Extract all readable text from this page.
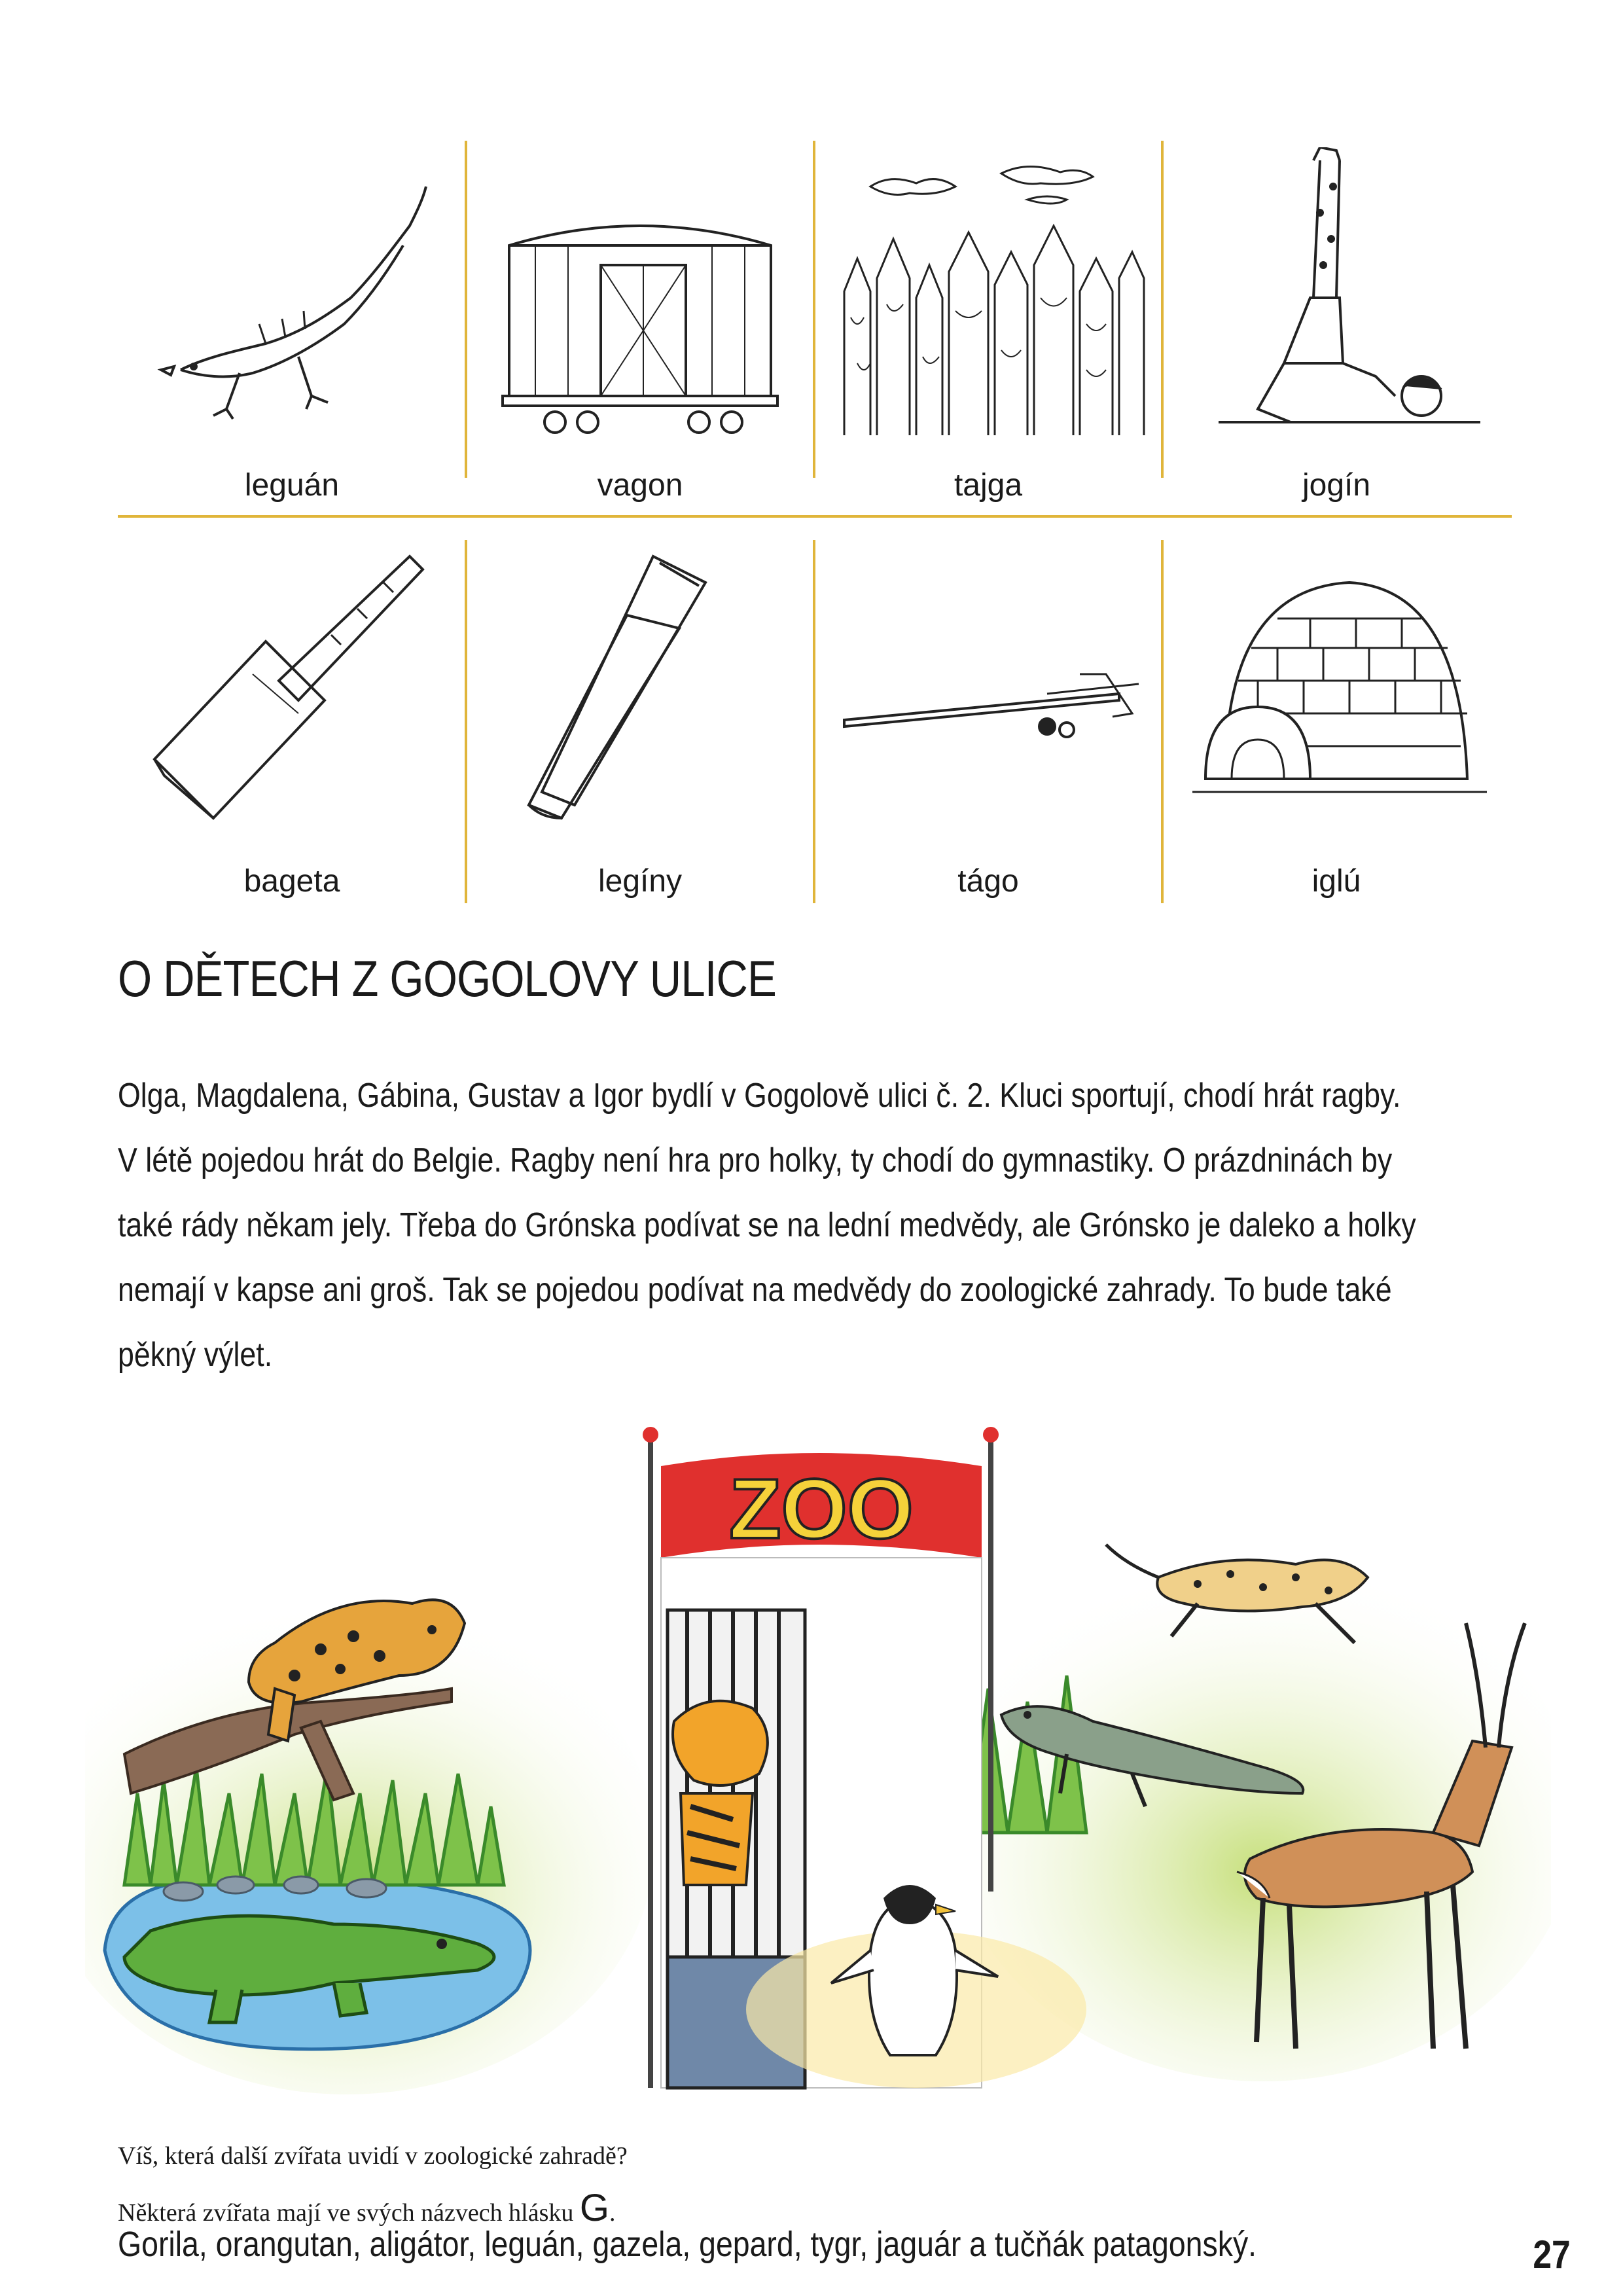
leguán	vagon	tajga	jogín
bageta	legíny	tágo	iglú
O DĚTECH Z GOGOLOVY ULICE

Olga, Magdalena, Gábina, Gustav a Igor bydlí v Gogolově ulici č. 2. Kluci sportují, chodí hrát ragby.

V létě pojedou hrát do Belgie. Ragby není hra pro holky, ty chodí do gymnastiky. O prázdninách by

také rády někam jely. Třeba do Grónska podívat se na lední medvědy, ale Grónsko je daleko a holky

nemají v kapse ani groš. Tak se pojedou podívat na medvědy do zoologické zahrady. To bude také

pěkný výlet.

ZOO
Víš, která další zvířata uvidí v zoologické zahradě?
Některá zvířata mají ve svých názvech hlásku G.
Gorila, orangutan, aligátor, leguán, gazela, gepard, tygr, jaguár a tučňák patagonský.	27
